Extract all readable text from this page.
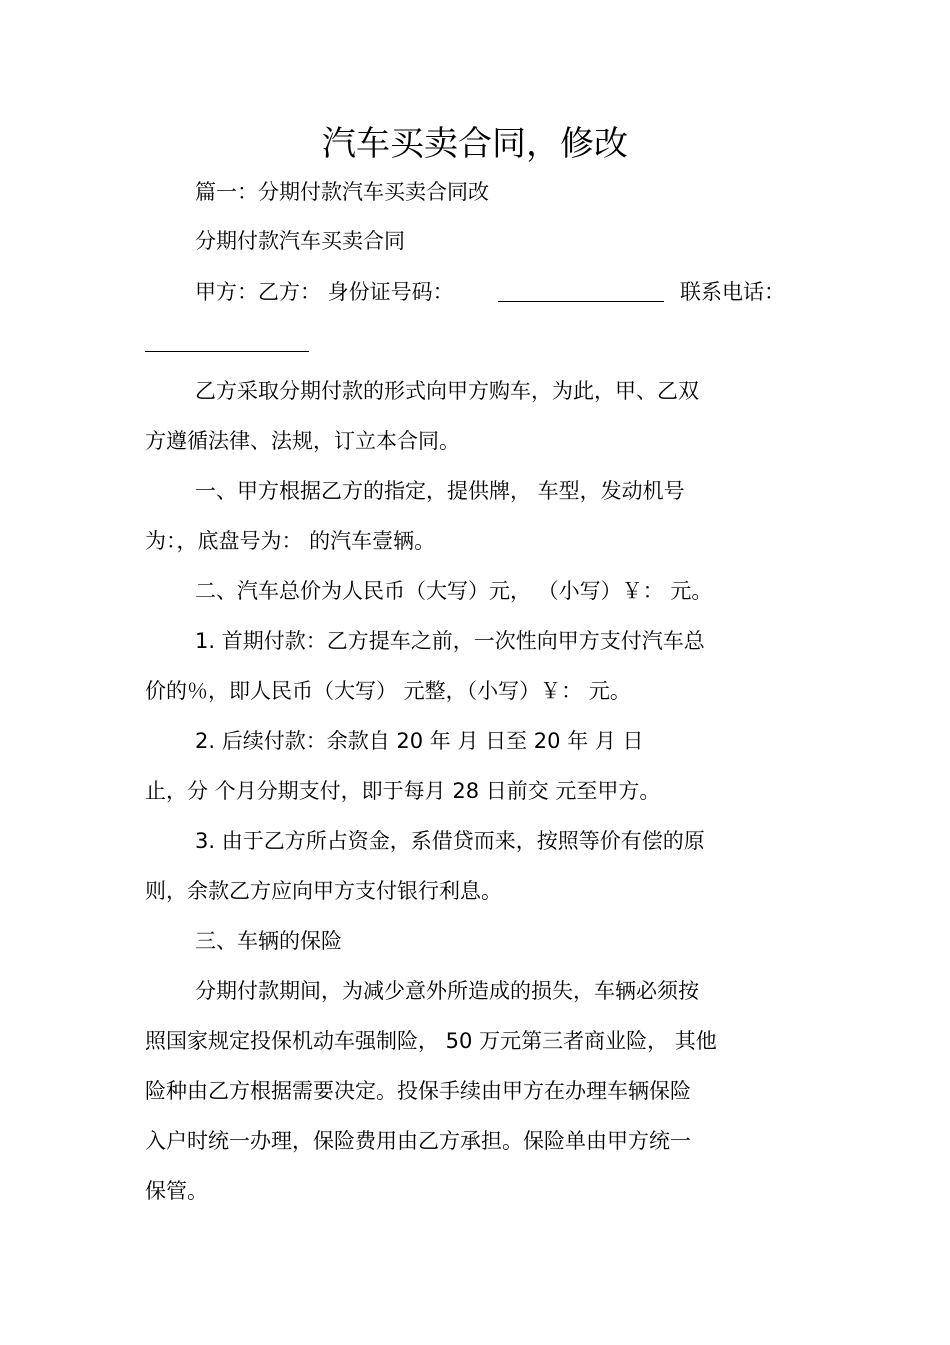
汽车买卖合同，修改
篇一：分期付款汽车买卖合同改
分期付款汽车买卖合同
甲方：乙方： 身份证号码：	联系电话：
乙方采取分期付款的形式向甲方购车，为此，甲、乙双
方遵循法律、法规，订立本合同。
一、甲方根据乙方的指定，提供牌， 车型，发动机号
为：，底盘号为： 的汽车壹辆。
二、汽车总价为人民币（大写）元， （小写）￥： 元。
1. 首期付款：乙方提车之前，一次性向甲方支付汽车总
价的％，即人民币（大写） 元整，（小写）￥： 元。
2. 后续付款：余款自 20 年 月 日至 20 年 月 日
止，分 个月分期支付，即于每月 28 日前交 元至甲方。
3. 由于乙方所占资金，系借贷而来，按照等价有偿的原
则，余款乙方应向甲方支付银行利息。
三、车辆的保险
分期付款期间，为减少意外所造成的损失，车辆必须按
照国家规定投保机动车强制险， 50 万元第三者商业险， 其他
险种由乙方根据需要决定。投保手续由甲方在办理车辆保险
入户时统一办理，保险费用由乙方承担。保险单由甲方统一
保管。
